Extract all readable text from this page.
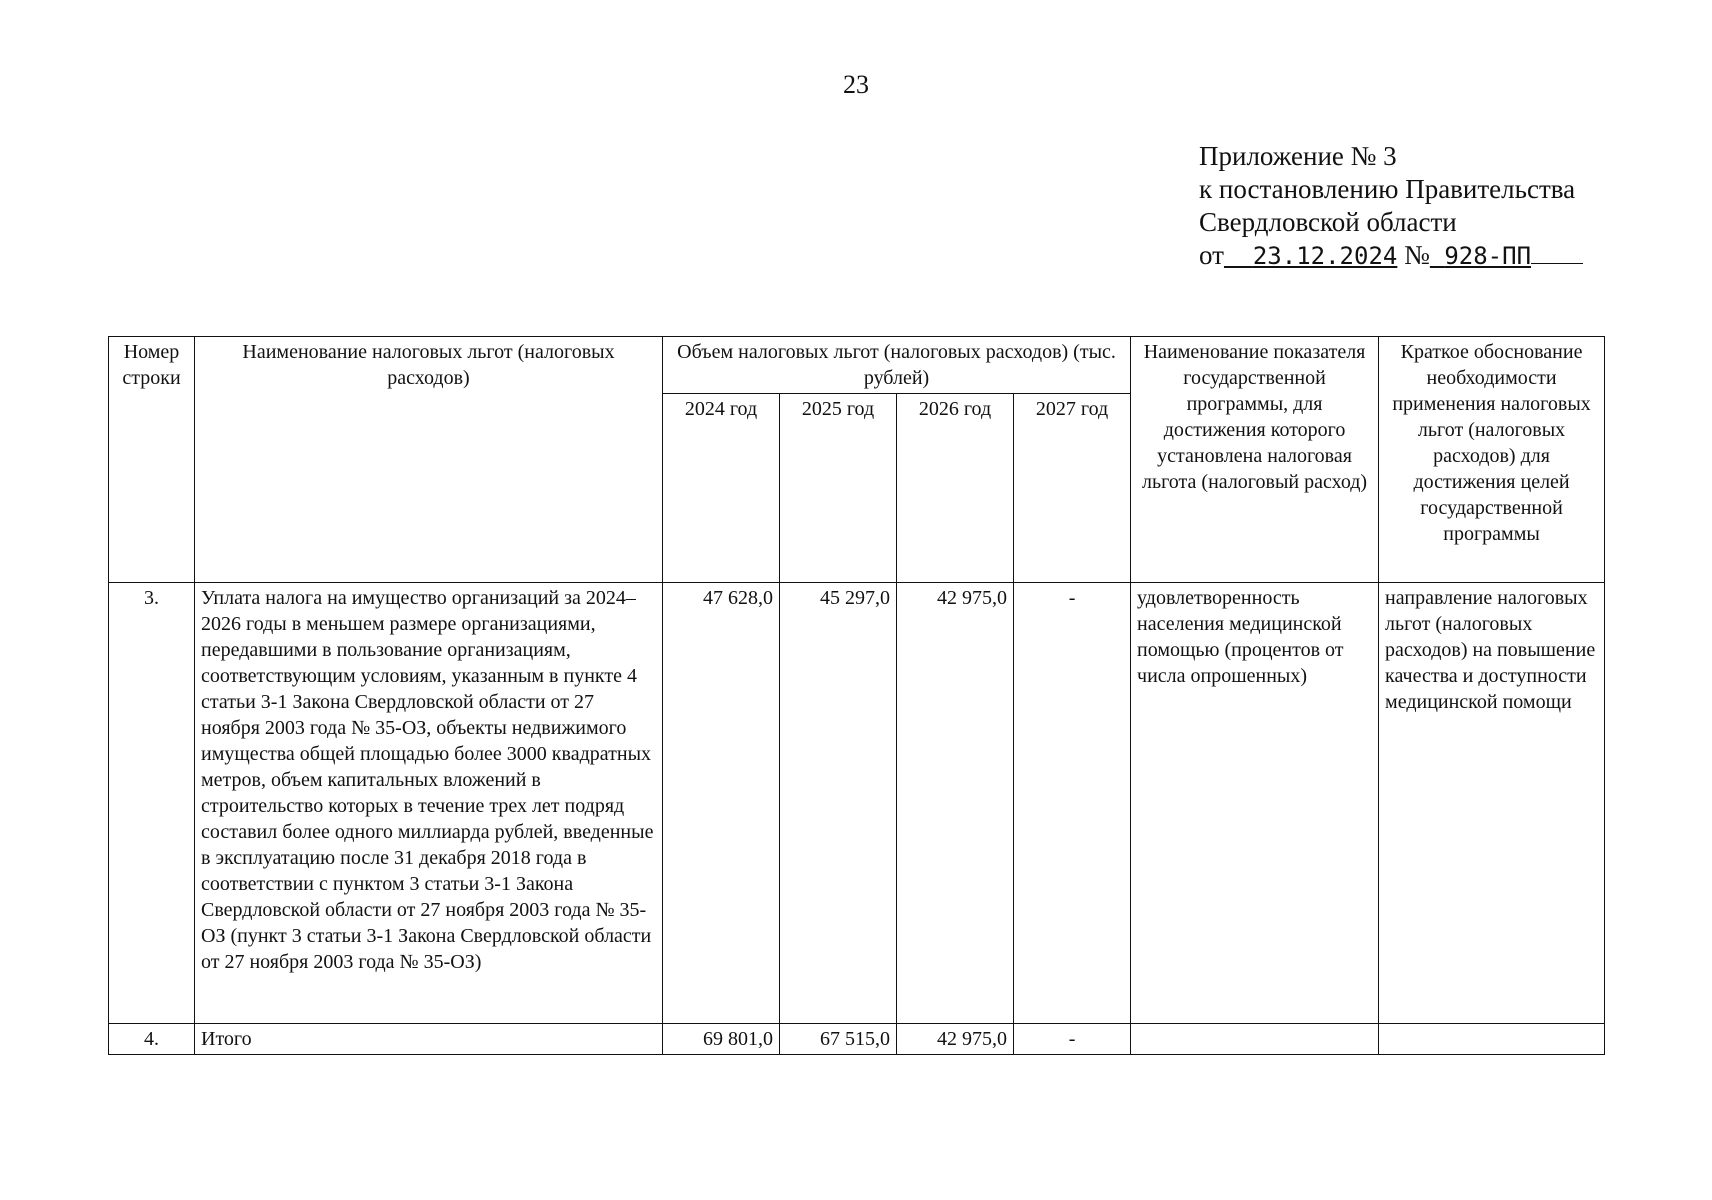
23
Приложение № 3
к постановлению Правительства
Свердловской области
от 23.12.2024 № 928-ПП
Номер строки	Наименование налоговых льгот (налоговых расходов)	Объем налоговых льгот (налоговых расходов) (тыс. рублей)				Наименование показателя государственной программы, для достижения которого установлена налоговая льгота (налоговый расход)	Краткое обоснование необходимости применения налоговых льгот (налоговых расходов) для достижения целей государственной программы
		2024 год	2025 год	2026 год	2027 год		
3.	Уплата налога на имущество организаций за 2024–2026 годы в меньшем размере организациями, передавшими в пользование организациям, соответствующим условиям, указанным в пункте 4 статьи 3-1 Закона Свердловской области от 27 ноября 2003 года № 35-ОЗ, объекты недвижимого имущества общей площадью более 3000 квадратных метров, объем капитальных вложений в строительство которых в течение трех лет подряд составил более одного миллиарда рублей, введенные в эксплуатацию после 31 декабря 2018 года в соответствии с пунктом 3 статьи 3-1 Закона Свердловской области от 27 ноября 2003 года № 35-ОЗ (пункт 3 статьи 3-1 Закона Свердловской области от 27 ноября 2003 года № 35-ОЗ)	47 628,0	45 297,0	42 975,0	-	удовлетворенность населения медицинской помощью (процентов от числа опрошенных)	направление налоговых льгот (налоговых расходов) на повышение качества и доступности медицинской помощи
4.	Итого	69 801,0	67 515,0	42 975,0	-		
